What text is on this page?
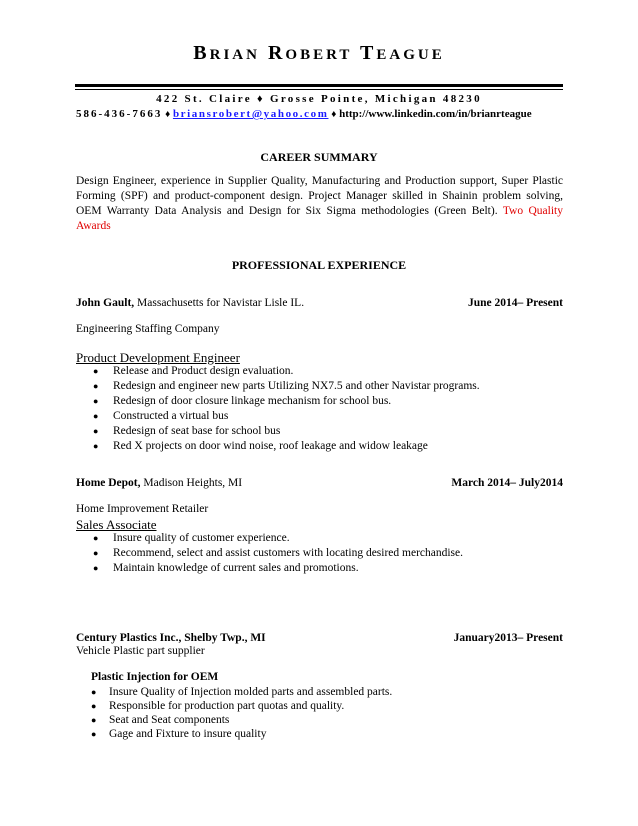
BRIAN ROBERT TEAGUE
422 St. Claire ♦ Grosse Pointe, Michigan 48230
586-436-7663 ♦ briansrobert@yahoo.com ♦ http://www.linkedin.com/in/brianrteague
CAREER SUMMARY
Design Engineer, experience in Supplier Quality, Manufacturing and Production support, Super Plastic Forming (SPF) and product-component design. Project Manager skilled in Shainin problem solving, OEM Warranty Data Analysis and Design for Six Sigma methodologies (Green Belt). Two Quality Awards
PROFESSIONAL EXPERIENCE
John Gault, Massachusetts for Navistar Lisle IL.	June 2014– Present
Engineering Staffing Company
Product Development Engineer
● Release and Product design evaluation.
● Redesign and engineer new parts Utilizing NX7.5 and other Navistar programs.
● Redesign of door closure linkage mechanism for school bus.
● Constructed a virtual bus
● Redesign of seat base for school bus
● Red X projects on door wind noise, roof leakage and widow leakage
Home Depot, Madison Heights, MI	March 2014– July2014
Home Improvement Retailer
Sales Associate
● Insure quality of customer experience.
● Recommend, select and assist customers with locating desired merchandise.
● Maintain knowledge of current sales and promotions.
Century Plastics Inc., Shelby Twp., MI	January2013– Present
Vehicle Plastic part supplier
Plastic Injection for OEM
● Insure Quality of Injection molded parts and assembled parts.
● Responsible for production part quotas and quality.
● Seat and Seat components
● Gage and Fixture to insure quality
